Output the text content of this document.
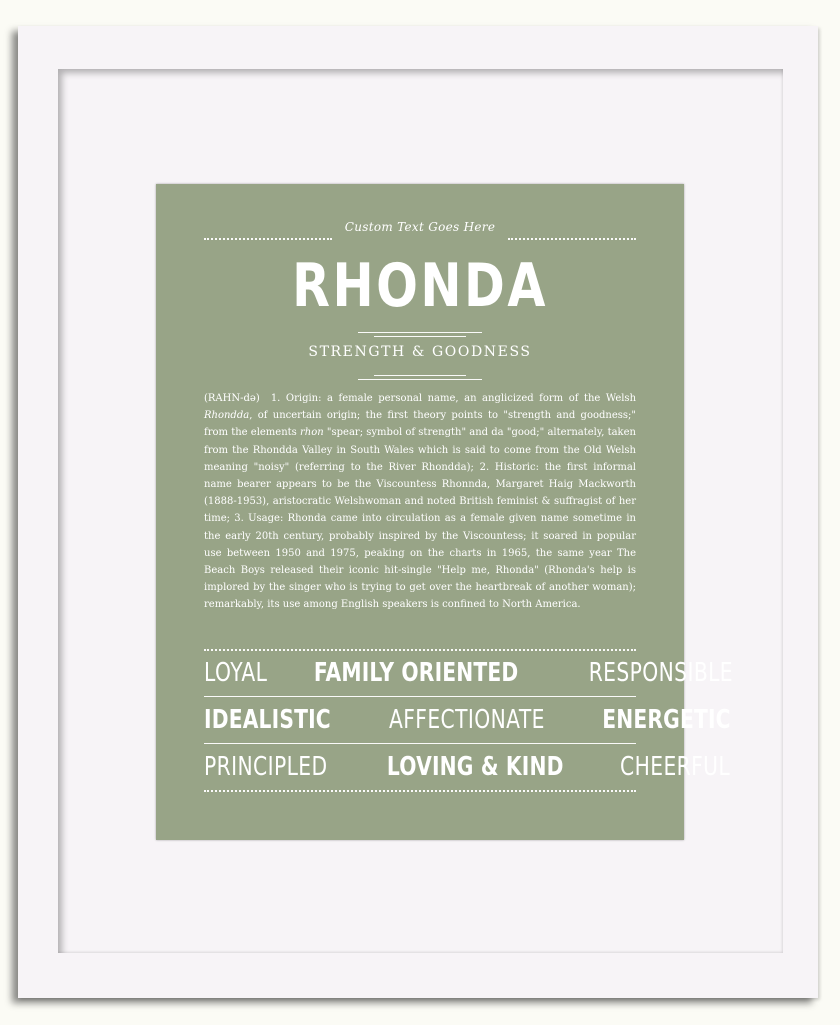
Custom Text Goes Here
RHONDA
STRENGTH & GOODNESS
(RAHN-də) 1. Origin: a female personal name, an anglicized form of the Welsh Rhondda, of uncertain origin; the first theory points to "strength and goodness;" from the elements rhon "spear; symbol of strength" and da "good;" alternately, taken from the Rhondda Valley in South Wales which is said to come from the Old Welsh meaning "noisy" (referring to the River Rhondda); 2. Historic: the first informal name bearer appears to be the Viscountess Rhonnda, Margaret Haig Mackworth (1888-1953), aristocratic Welshwoman and noted British feminist & suffragist of her time; 3. Usage: Rhonda came into circulation as a female given name sometime in the early 20th century, probably inspired by the Viscountess; it soared in popular use between 1950 and 1975, peaking on the charts in 1965, the same year The Beach Boys released their iconic hit-single "Help me, Rhonda" (Rhonda's help is implored by the singer who is trying to get over the heartbreak of another woman); remarkably, its use among English speakers is confined to North America.
LOYAL FAMILY ORIENTED	RESPONSIBLE
IDEALISTIC AFFECTIONATE ENERGETIC
PRINCIPLED LOVING & KIND CHEERFUL
